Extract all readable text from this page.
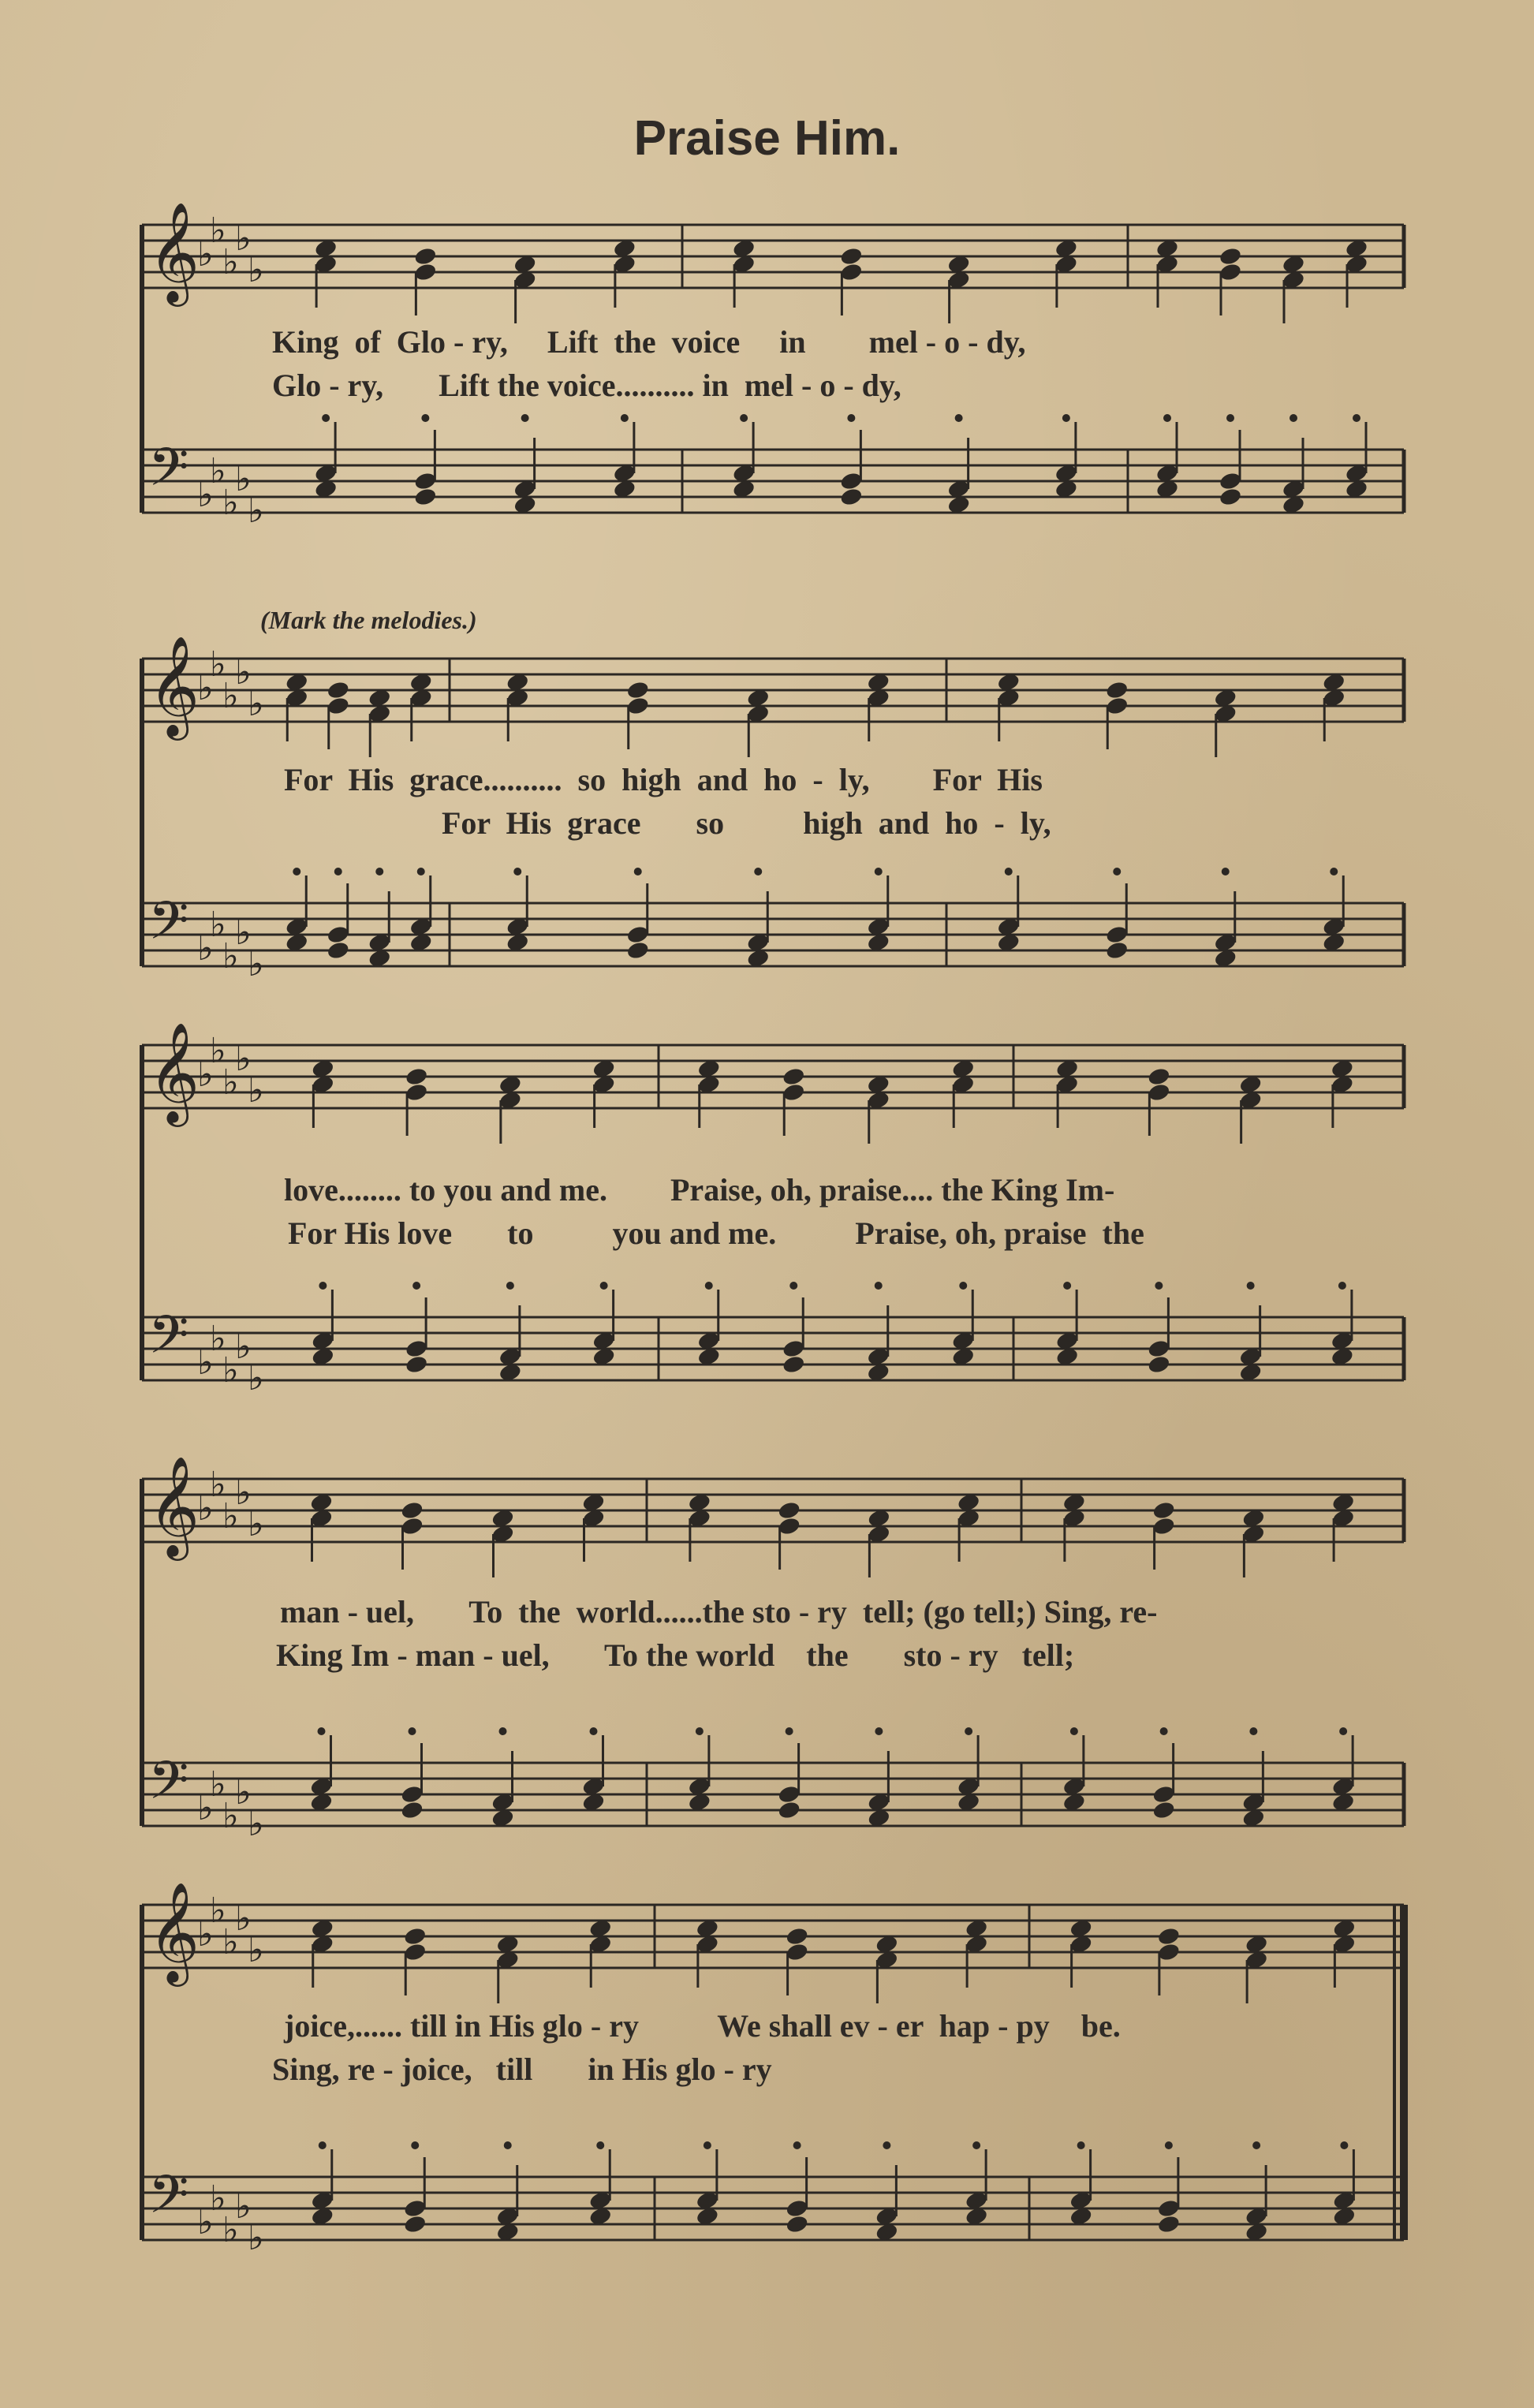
Praise Him.
(Mark the melodies.)
𝄞
♭
♭
♭
♭
♭
𝄢 ♭
♭
♭
♭
♭
King  of  Glo - ry,     Lift  the  voice     in        mel - o - dy,
Glo - ry,       Lift the voice.......... in  mel - o - dy,
𝄞
♭
♭
♭
♭
♭
𝄢 ♭
♭
♭
♭
♭
For  His  grace..........  so  high  and  ho  -  ly,        For  His
For  His  grace       so          high  and  ho  -  ly,
𝄞
♭
♭
♭
♭
♭
𝄢 ♭
♭
♭
♭
♭
love........ to you and me.        Praise, oh, praise.... the King Im-
For His love       to          you and me.          Praise, oh, praise  the
𝄞
♭
♭
♭
♭
♭
𝄢 ♭
♭
♭
♭
♭
man - uel,       To  the  world......the sto - ry  tell; (go tell;) Sing, re-
King Im - man - uel,       To the world    the       sto - ry   tell;
𝄞
♭
♭
♭
♭
♭
𝄢 ♭
♭
♭
♭
♭
joice,...... till in His glo - ry          We shall ev - er  hap - py    be.
Sing, re - joice,   till       in His glo - ry
